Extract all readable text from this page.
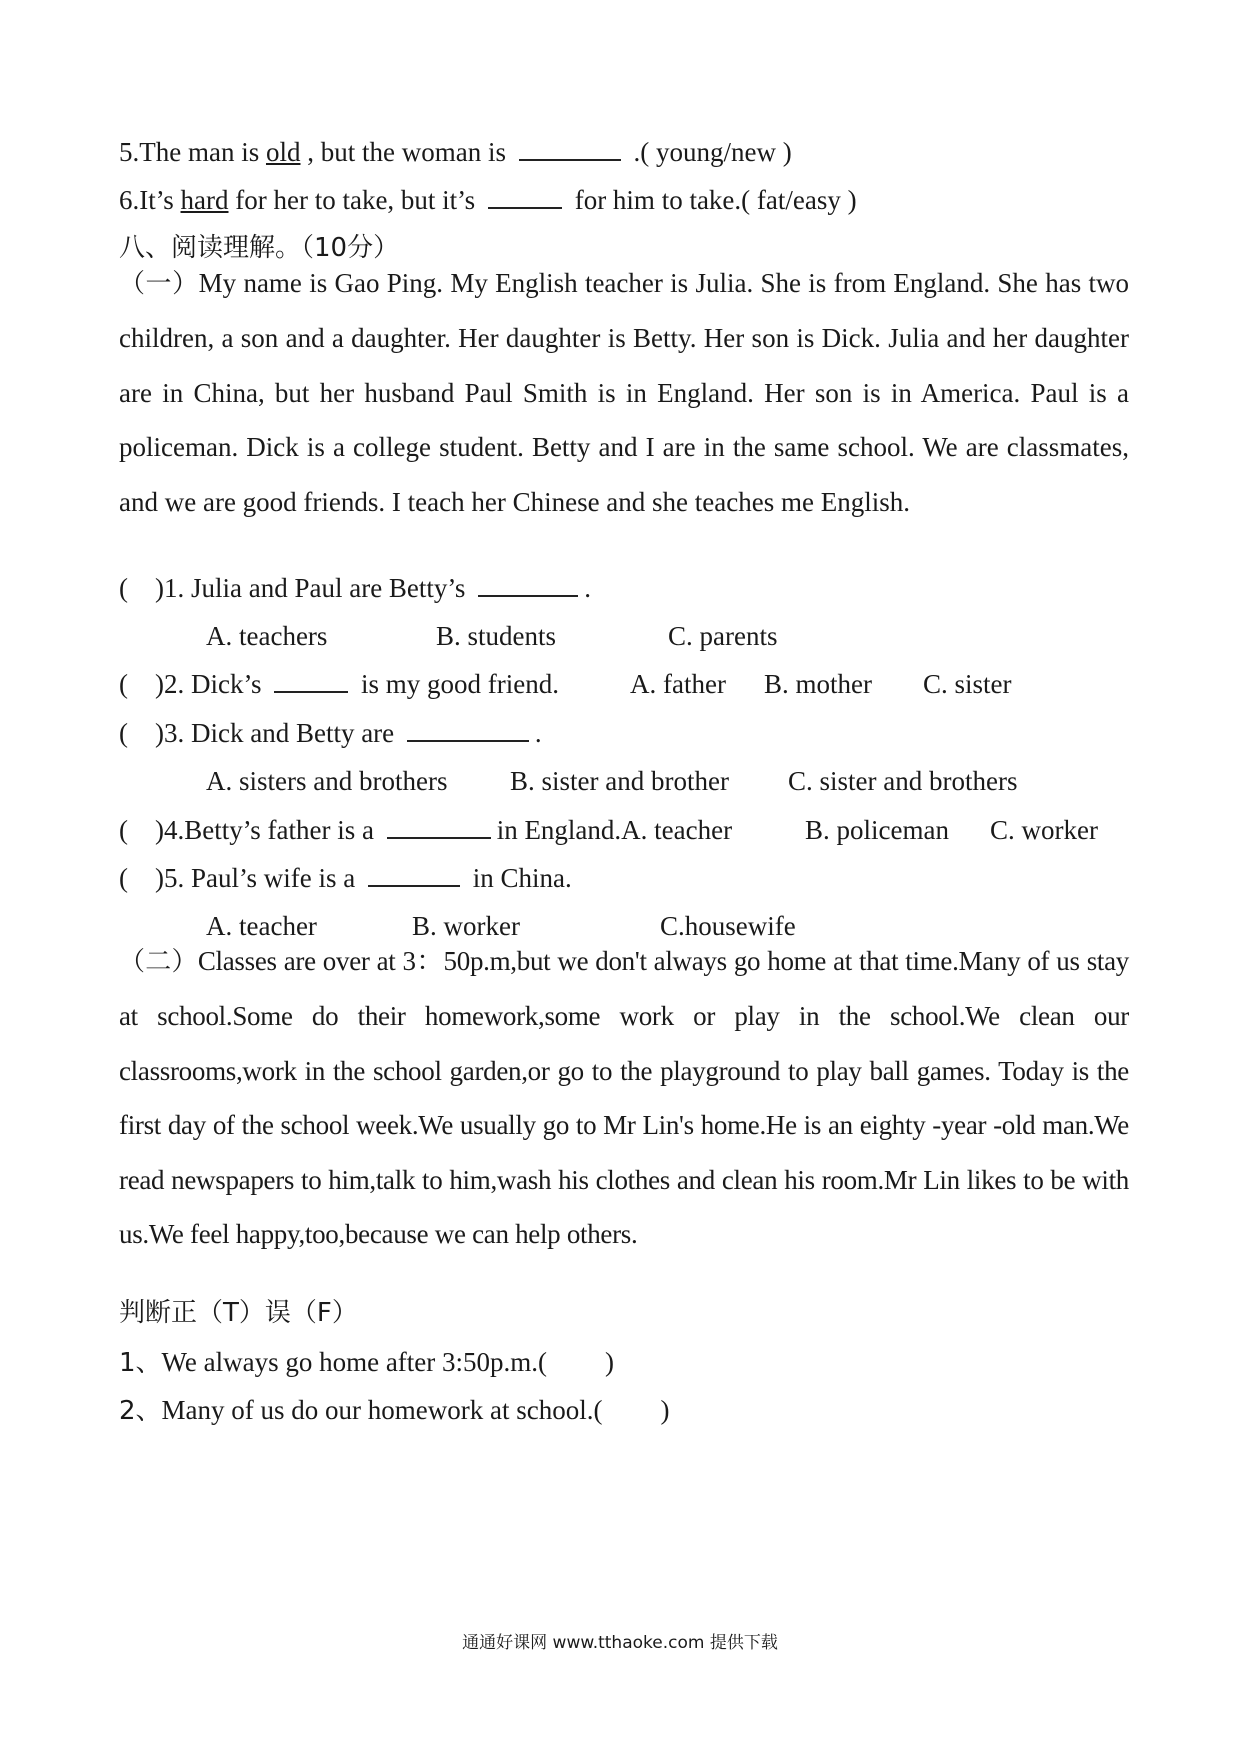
5.The man is old , but the woman is	.( young/new )
6.It’s hard for her to take, but it’s	for him to take.( fat/easy )
八、阅读理解。（10分）
（一）My name is Gao Ping. My English teacher is Julia. She is from England. She has two children, a son and a daughter. Her daughter is Betty. Her son is Dick. Julia and her daughter are in China, but her husband Paul Smith is in England. Her son is in America. Paul is a policeman. Dick is a college student. Betty and I are in the same school. We are classmates, and we are good friends. I teach her Chinese and she teaches me English.
(　)1. Julia and Paul are Betty’s	.
A. teachers	B. students	C. parents
(　)2. Dick’s	is my good friend.	A. father B. mother C. sister
(　)3. Dick and Betty are	.
A. sisters and brothers B. sister and brother C. sister and brothers
(　)4.Betty’s father is a	in England.A. teacher	B. policeman C. worker
(　)5. Paul’s wife is a	in China.
A. teacher	B. worker	C.housewife
（二）Classes are over at 3：50p.m,but we don't always go home at that time.Many of us stay at school.Some do their homework,some work or play in the school.We clean our classrooms,work in the school garden,or go to the playground to play ball games. Today is the first day of the school week.We usually go to Mr Lin's home.He is an eighty -year -old man.We read newspapers to him,talk to him,wash his clothes and clean his room.Mr Lin likes to be with us.We feel happy,too,because we can help others.
判断正（T）误（F）
1、We always go home after 3:50p.m.( )
2、Many of us do our homework at school.( )
通通好课网 www.tthaoke.com 提供下载
